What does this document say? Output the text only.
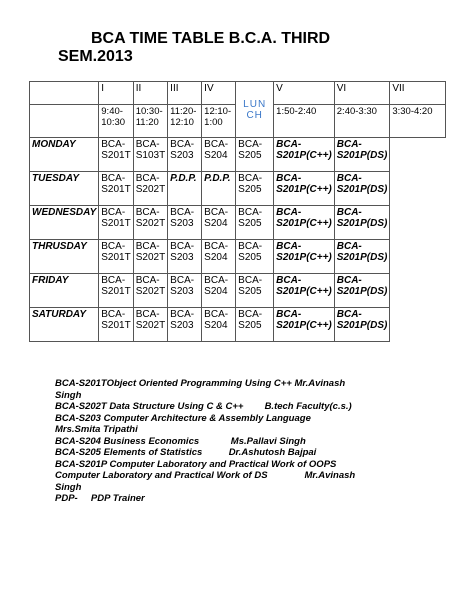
BCA TIME TABLE B.C.A. THIRD
SEM.2013
	I	II	III	IV	LUNCH	V	VI	VII
	9:40-10:30	10:30-11:20	11:20-12:10	12:10-1:00		1:50-2:40	2:40-3:30	3:30-4:20
MONDAY	BCA-S201T	BCA-S103T	BCA-S203	BCA-S204	BCA-S205	BCA-S201P(C++)	BCA-S201P(DS)	
TUESDAY	BCA-S201T	BCA-S202T	P.D.P.	P.D.P.	BCA-S205	BCA-S201P(C++)	BCA-S201P(DS)	
WEDNESDAY	BCA-S201T	BCA-S202T	BCA-S203	BCA-S204	BCA-S205	BCA-S201P(C++)	BCA-S201P(DS)	
THRUSDAY	BCA-S201T	BCA-S202T	BCA-S203	BCA-S204	BCA-S205	BCA-S201P(C++)	BCA-S201P(DS)	
FRIDAY	BCA-S201T	BCA-S202T	BCA-S203	BCA-S204	BCA-S205	BCA-S201P(C++)	BCA-S201P(DS)	
SATURDAY	BCA-S201T	BCA-S202T	BCA-S203	BCA-S204	BCA-S205	BCA-S201P(C++)	BCA-S201P(DS)	
BCA-S201TObject Oriented Programming Using C++ Mr.Avinash
Singh
BCA-S202T Data Structure Using C & C++        B.tech Faculty(c.s.)
BCA-S203 Computer Architecture & Assembly Language
Mrs.Smita Tripathi
BCA-S204 Business Economics            Ms.Pallavi Singh
BCA-S205 Elements of Statistics          Dr.Ashutosh Bajpai
BCA-S201P Computer Laboratory and Practical Work of OOPS
Computer Laboratory and Practical Work of DS              Mr.Avinash
Singh
PDP-     PDP Trainer
